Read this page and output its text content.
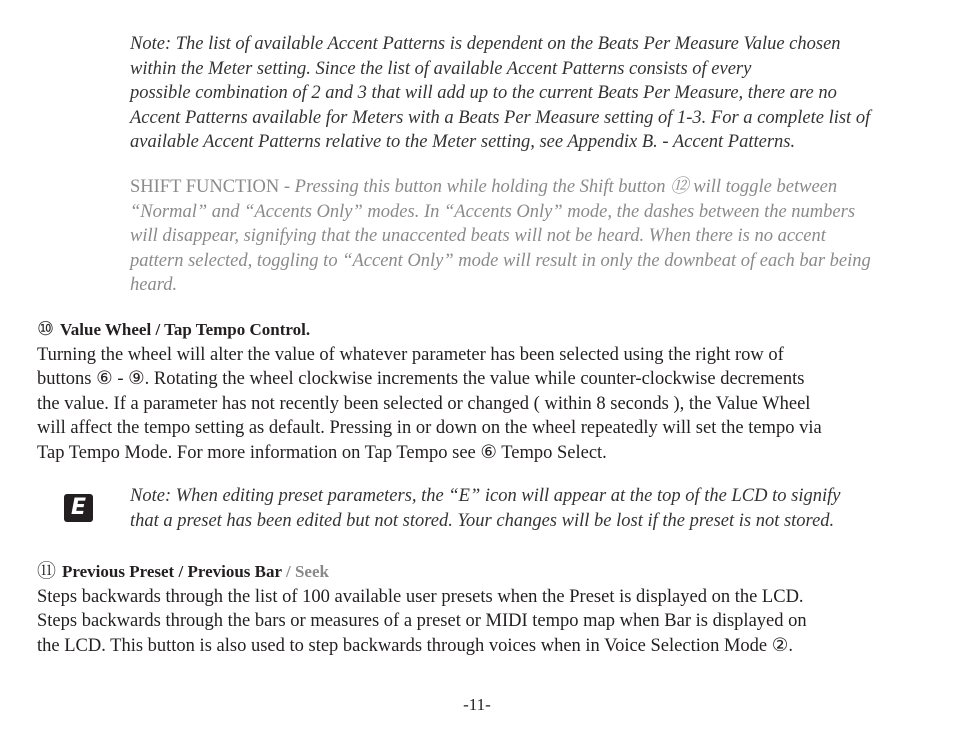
Note: The list of available Accent Patterns is dependent on the Beats Per Measure Value chosen
within the Meter setting. Since the list of available Accent Patterns consists of every
possible combination of 2 and 3 that will add up to the current Beats Per Measure, there are no
Accent Patterns available for Meters with a Beats Per Measure setting of 1-3. For a complete list of
available Accent Patterns relative to the Meter setting, see Appendix B. - Accent Patterns.
SHIFT FUNCTION - Pressing this button while holding the Shift button ⑫ will toggle between
“Normal” and “Accents Only” modes. In “Accents Only” mode, the dashes between the numbers
will disappear, signifying that the unaccented beats will not be heard. When there is no accent
pattern selected, toggling to “Accent Only” mode will result in only the downbeat of each bar being
heard.
⑩ Value Wheel / Tap Tempo Control.
Turning the wheel will alter the value of whatever parameter has been selected using the right row of
buttons ⑥ - ⑨. Rotating the wheel clockwise increments the value while counter-clockwise decrements
the value. If a parameter has not recently been selected or changed ( within 8 seconds ), the Value Wheel
will affect the tempo setting as default. Pressing in or down on the wheel repeatedly will set the tempo via
Tap Tempo Mode. For more information on Tap Tempo see ⑥ Tempo Select.
E	Note: When editing preset parameters, the “E” icon will appear at the top of the LCD to signify
that a preset has been edited but not stored. Your changes will be lost if the preset is not stored.
⑪ Previous Preset / Previous Bar / Seek
Steps backwards through the list of 100 available user presets when the Preset is displayed on the LCD.
Steps backwards through the bars or measures of a preset or MIDI tempo map when Bar is displayed on
the LCD. This button is also used to step backwards through voices when in Voice Selection Mode ②.
-11-
